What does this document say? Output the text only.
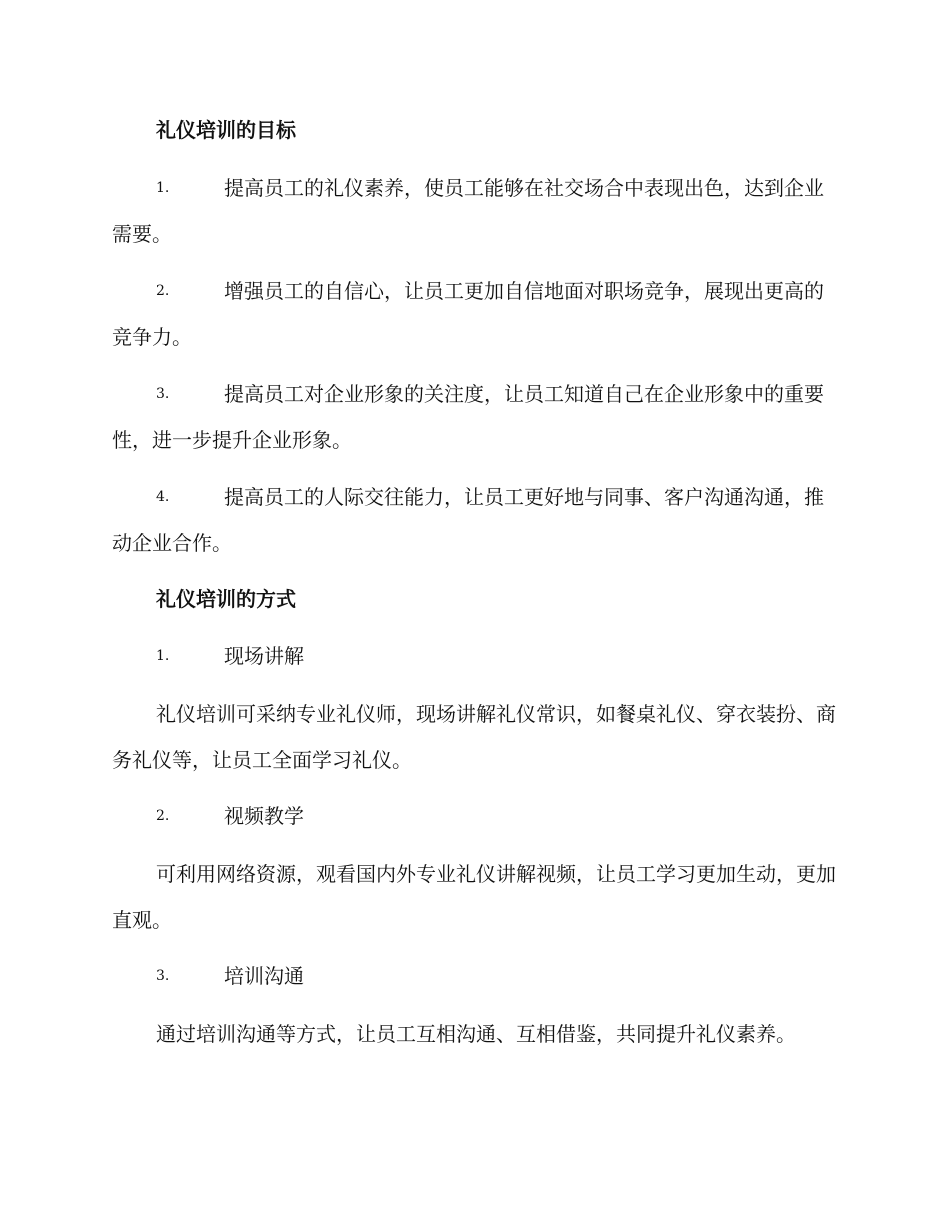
礼仪培训的目标
1.	提高员工的礼仪素养，使员工能够在社交场合中表现出色，达到企业需要。
2.	增强员工的自信心，让员工更加自信地面对职场竞争，展现出更高的竞争力。
3.	提高员工对企业形象的关注度，让员工知道自己在企业形象中的重要性，进一步提升企业形象。
4.	提高员工的人际交往能力，让员工更好地与同事、客户沟通沟通，推动企业合作。
礼仪培训的方式
1.	现场讲解
礼仪培训可采纳专业礼仪师，现场讲解礼仪常识，如餐桌礼仪、穿衣装扮、商务礼仪等，让员工全面学习礼仪。
2.	视频教学
可利用网络资源，观看国内外专业礼仪讲解视频，让员工学习更加生动，更加直观。
3.	培训沟通
通过培训沟通等方式，让员工互相沟通、互相借鉴，共同提升礼仪素养。
